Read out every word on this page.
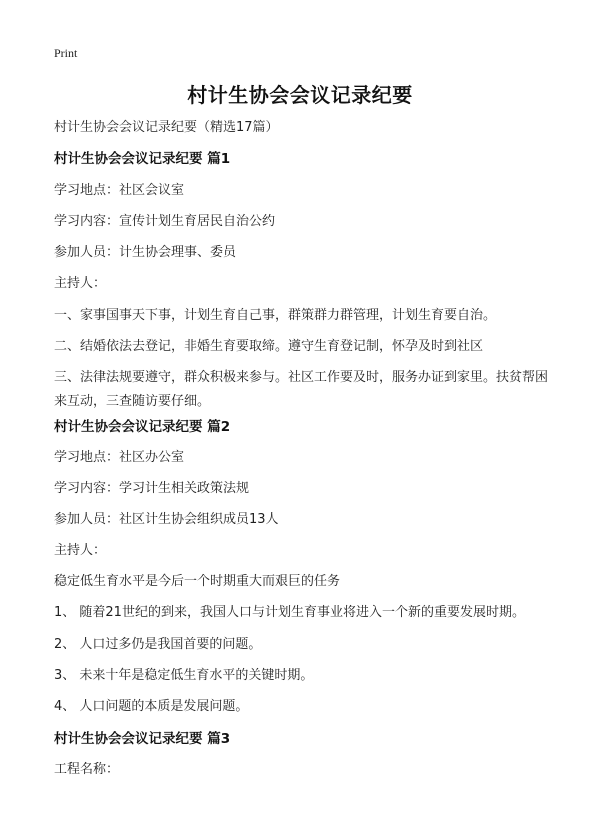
Print
村计生协会会议记录纪要
村计生协会会议记录纪要（精选17篇）
村计生协会会议记录纪要 篇1
学习地点：社区会议室
学习内容：宣传计划生育居民自治公约
参加人员：计生协会理事、委员
主持人：
一、家事国事天下事，计划生育自己事，群策群力群管理，计划生育要自治。
二、结婚依法去登记，非婚生育要取缔。遵守生育登记制，怀孕及时到社区
三、法律法规要遵守，群众积极来参与。社区工作要及时，服务办证到家里。扶贫帮困来互动，三查随访要仔细。
村计生协会会议记录纪要 篇2
学习地点：社区办公室
学习内容：学习计生相关政策法规
参加人员：社区计生协会组织成员13人
主持人：
稳定低生育水平是今后一个时期重大而艰巨的任务
1、 随着21世纪的到来，我国人口与计划生育事业将进入一个新的重要发展时期。
2、 人口过多仍是我国首要的问题。
3、 未来十年是稳定低生育水平的关键时期。
4、 人口问题的本质是发展问题。
村计生协会会议记录纪要 篇3
工程名称：
